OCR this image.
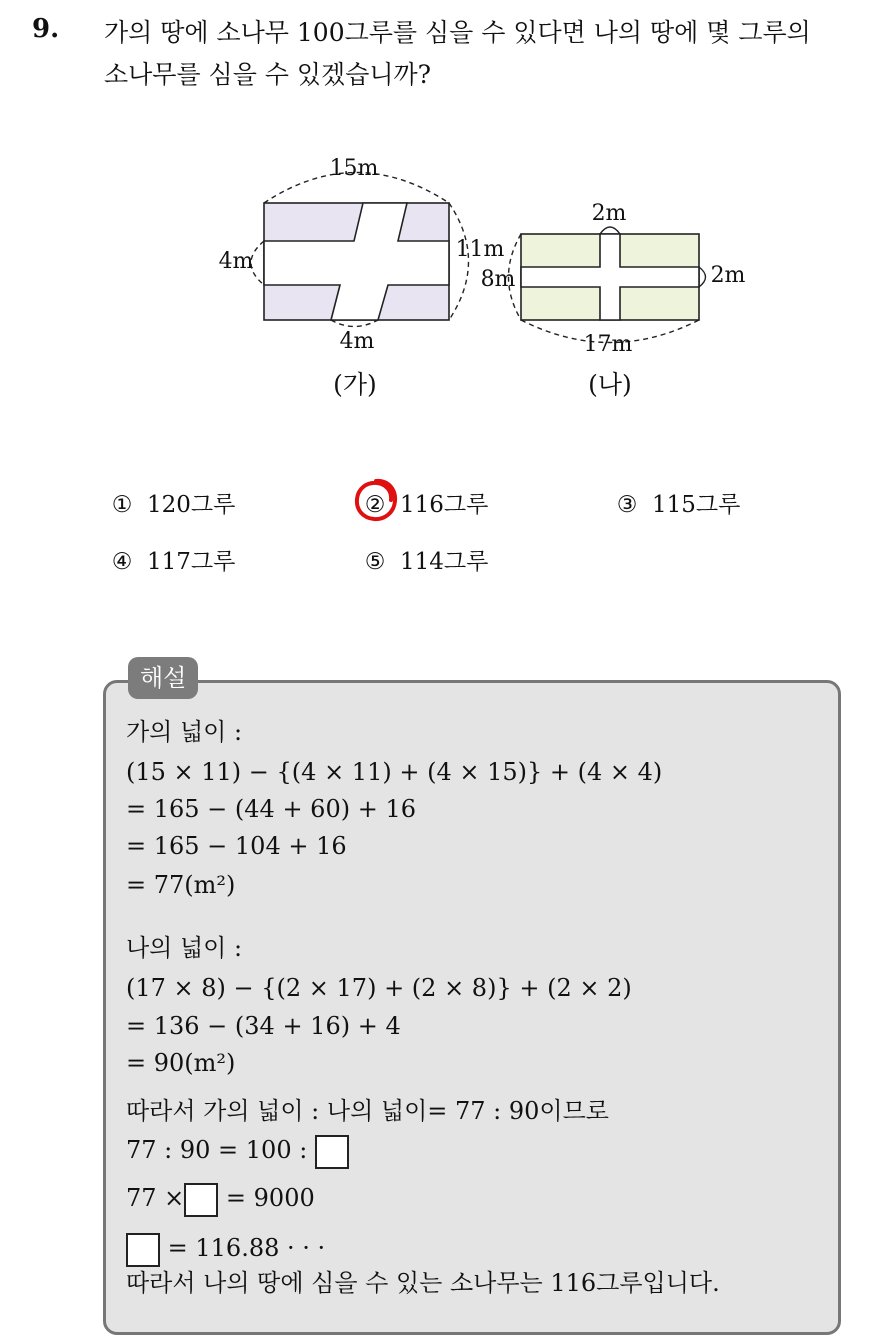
9. 가의 땅에 소나무 100그루를 심을 수 있다면 나의 땅에 몇 그루의
소나무를 심을 수 있겠습니까?
15m
4m	11m
4m
(가)
2m
8m	2m
17m
(나)
① 120그루	② 116그루	③ 115그루
④ 117그루	⑤ 114그루
해설
가의 넓이 :
(15 × 11) − {(4 × 11) + (4 × 15)} + (4 × 4)
= 165 − (44 + 60) + 16
= 165 − 104 + 16
= 77(m²)
나의 넓이 :
(17 × 8) − {(2 × 17) + (2 × 8)} + (2 × 2)
= 136 − (34 + 16) + 4
= 90(m²)
따라서 가의 넓이 : 나의 넓이= 77 : 90이므로
77 : 90 = 100 :
77 × = 9000
= 116.88 · · ·
따라서 나의 땅에 심을 수 있는 소나무는 116그루입니다.
